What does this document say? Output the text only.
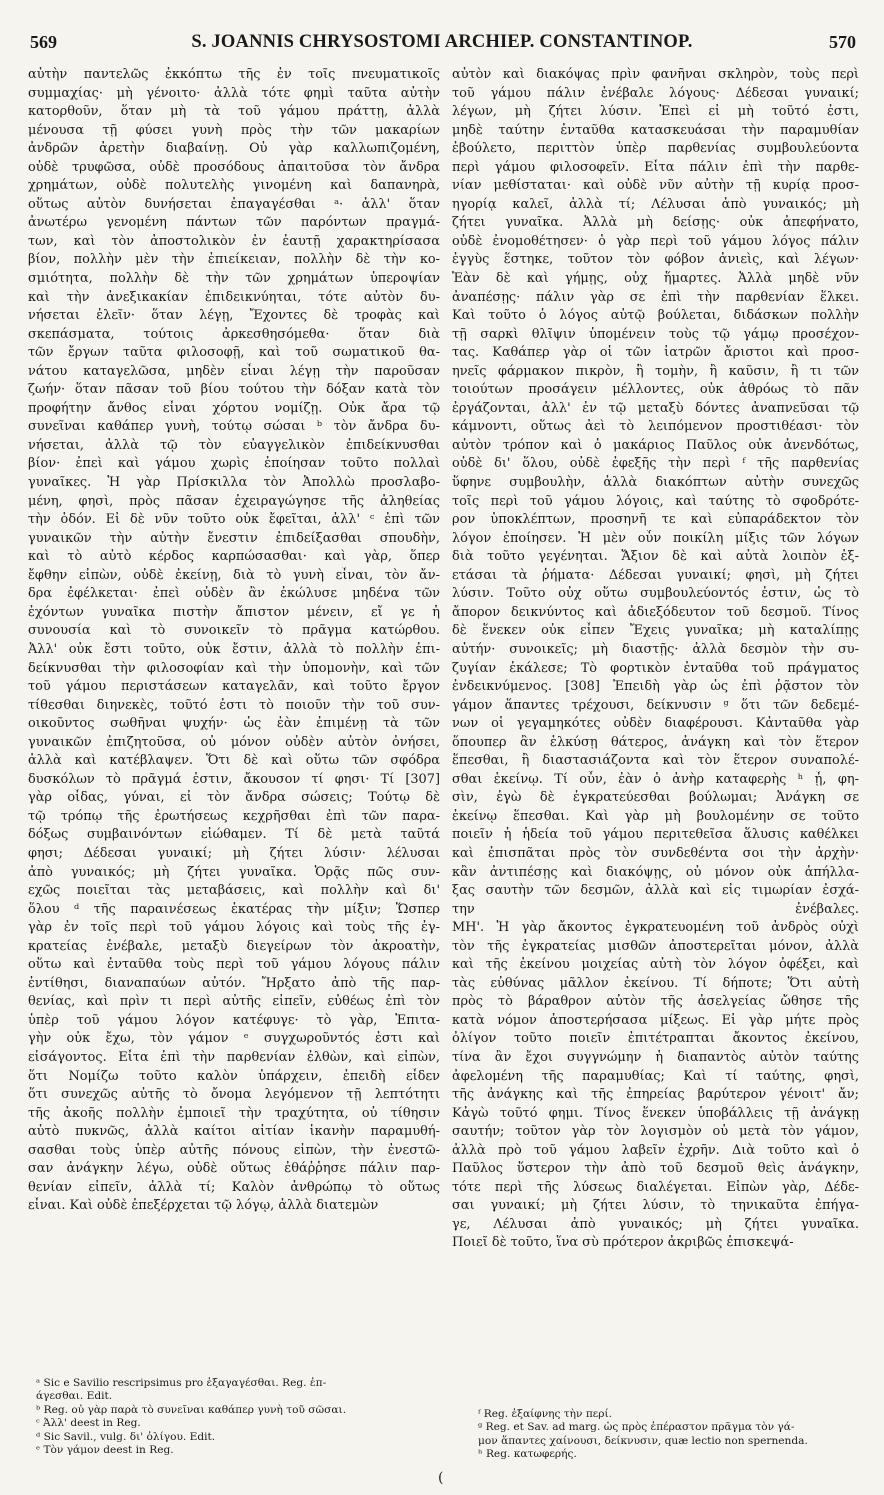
569	S. JOANNIS CHRYSOSTOMI ARCHIEP. CONSTANTINOP.	570
αὐτὴν παντελῶς ἐκκόπτω τῆς ἐν τοῖς πνευματικοῖς
συμμαχίας· μὴ γένοιτο· ἀλλὰ τότε φημὶ ταῦτα αὐτὴν
κατορθοῦν, ὅταν μὴ τὰ τοῦ γάμου πράττῃ, ἀλλὰ
μένουσα τῇ φύσει γυνὴ πρὸς τὴν τῶν μακαρίων
ἀνδρῶν ἀρετὴν διαβαίνῃ. Οὐ γὰρ καλλωπιζομένη,
οὐδὲ τρυφῶσα, οὐδὲ προσόδους ἀπαιτοῦσα τὸν ἄνδρα
χρημάτων, οὐδὲ πολυτελὴς γινομένη καὶ δαπανηρὰ,
οὕτως αὐτὸν δυνήσεται ἐπαγαγέσθαι ᵃ· ἀλλ' ὅταν
ἀνωτέρω γενομένη πάντων τῶν παρόντων πραγμά-
των, καὶ τὸν ἀποστολικὸν ἐν ἑαυτῇ χαρακτηρίσασα
βίον, πολλὴν μὲν τὴν ἐπιείκειαν, πολλὴν δὲ τὴν κο-
σμιότητα, πολλὴν δὲ τὴν τῶν χρημάτων ὑπεροψίαν
καὶ τὴν ἀνεξικακίαν ἐπιδεικνύηται, τότε αὐτὸν δυ-
νήσεται ἑλεῖν· ὅταν λέγῃ, Ἔχοντες δὲ τροφὰς καὶ
σκεπάσματα, τούτοις ἀρκεσθησόμεθα· ὅταν διὰ
τῶν ἔργων ταῦτα φιλοσοφῇ, καὶ τοῦ σωματικοῦ θα-
νάτου καταγελῶσα, μηδὲν εἶναι λέγῃ τὴν παροῦσαν
ζωήν· ὅταν πᾶσαν τοῦ βίου τούτου τὴν δόξαν κατὰ τὸν
προφήτην ἄνθος εἶναι χόρτου νομίζῃ. Οὐκ ἄρα τῷ
συνεῖναι καθάπερ γυνὴ, τούτῳ σώσαι ᵇ τὸν ἄνδρα δυ-
νήσεται, ἀλλὰ τῷ τὸν εὐαγγελικὸν ἐπιδείκνυσθαι
βίον· ἐπεὶ καὶ γάμου χωρὶς ἐποίησαν τοῦτο πολλαὶ
γυναῖκες. Ἡ γὰρ Πρίσκιλλα τὸν Ἀπολλὼ προσλαβο-
μένη, φησὶ, πρὸς πᾶσαν ἐχειραγώγησε τῆς ἀληθείας
τὴν ὁδόν. Εἰ δὲ νῦν τοῦτο οὐκ ἔφεῖται, ἀλλ' ᶜ ἐπὶ τῶν
γυναικῶν τὴν αὐτὴν ἔνεστιν ἐπιδείξασθαι σπουδὴν,
καὶ τὸ αὐτὸ κέρδος καρπώσασθαι· καὶ γὰρ, ὅπερ
ἔφθην εἰπὼν, οὐδὲ ἐκείνῃ, διὰ τὸ γυνὴ εἶναι, τὸν ἄν-
δρα ἐφέλκεται· ἐπεὶ οὐδὲν ἂν ἐκώλυσε μηδένα τῶν
ἐχόντων γυναῖκα πιστὴν ἄπιστον μένειν, εἴ γε ἡ
συνουσία καὶ τὸ συνοικεῖν τὸ πρᾶγμα κατώρθου.
Ἀλλ' οὐκ ἔστι τοῦτο, οὐκ ἔστιν, ἀλλὰ τὸ πολλὴν ἐπι-
δείκνυσθαι τὴν φιλοσοφίαν καὶ τὴν ὑπομονὴν, καὶ τῶν
τοῦ γάμου περιστάσεων καταγελᾶν, καὶ τοῦτο ἔργον
τίθεσθαι διηνεκὲς, τοῦτό ἐστι τὸ ποιοῦν τὴν τοῦ συν-
οικοῦντος σωθῆναι ψυχήν· ὡς ἐὰν ἐπιμένῃ τὰ τῶν
γυναικῶν ἐπιζητοῦσα, οὐ μόνον οὐδὲν αὐτὸν ὀνήσει,
ἀλλὰ καὶ κατέβλαψεν. Ὅτι δὲ καὶ οὕτω τῶν σφόδρα
δυσκόλων τὸ πρᾶγμά ἐστιν, ἄκουσον τί φησι· Τί [307]
γὰρ οἶδας, γύναι, εἰ τὸν ἄνδρα σώσεις; Τούτῳ δὲ
τῷ τρόπῳ τῆς ἐρωτήσεως κεχρῆσθαι ἐπὶ τῶν παρα-
δόξως συμβαινόντων εἰώθαμεν. Τί δὲ μετὰ ταῦτά
φησι; Δέδεσαι γυναικί; μὴ ζήτει λύσιν· λέλυσαι
ἀπὸ γυναικός; μὴ ζήτει γυναῖκα. Ὁρᾷς πῶς συν-
εχῶς ποιεῖται τὰς μεταβάσεις, καὶ πολλὴν καὶ δι'
ὅλου ᵈ τῆς παραινέσεως ἑκατέρας τὴν μίξιν; Ὥσπερ
γὰρ ἐν τοῖς περὶ τοῦ γάμου λόγοις καὶ τοὺς τῆς ἐγ-
κρατείας ἐνέβαλε, μεταξὺ διεγείρων τὸν ἀκροατὴν,
οὕτω καὶ ἐνταῦθα τοὺς περὶ τοῦ γάμου λόγους πάλιν
ἐντίθησι, διαναπαύων αὐτόν. Ἤρξατο ἀπὸ τῆς παρ-
θενίας, καὶ πρὶν τι περὶ αὐτῆς εἰπεῖν, εὐθέως ἐπὶ τὸν
ὑπὲρ τοῦ γάμου λόγον κατέφυγε· τὸ γὰρ, Ἐπιτα-
γὴν οὐκ ἔχω, τὸν γάμον ᵉ συγχωροῦντός ἐστι καὶ
εἰσάγοντος. Εἶτα ἐπὶ τὴν παρθενίαν ἐλθὼν, καὶ εἰπὼν,
ὅτι Νομίζω τοῦτο καλὸν ὑπάρχειν, ἐπειδὴ εἶδεν
ὅτι συνεχῶς αὐτῆς τὸ ὄνομα λεγόμενον τῇ λεπτότητι
τῆς ἀκοῆς πολλὴν ἐμποιεῖ τὴν τραχύτητα, οὐ τίθησιν
αὐτὸ πυκνῶς, ἀλλὰ καίτοι αἰτίαν ἱκανὴν παραμυθή-
σασθαι τοὺς ὑπὲρ αὐτῆς πόνους εἰπὼν, τὴν ἐνεστῶ-
σαν ἀνάγκην λέγω, οὐδὲ οὕτως ἐθάῤῥησε πάλιν παρ-
θενίαν εἰπεῖν, ἀλλὰ τί; Καλὸν ἀνθρώπῳ τὸ οὕτως
εἶναι. Καὶ οὐδὲ ἐπεξέρχεται τῷ λόγῳ, ἀλλὰ διατεμὼν
αὐτὸν καὶ διακόψας πρὶν φανῆναι σκληρὸν, τοὺς περὶ
τοῦ γάμου πάλιν ἐνέβαλε λόγους· Δέδεσαι γυναικί;
λέγων, μὴ ζήτει λύσιν. Ἐπεὶ εἰ μὴ τοῦτό ἐστι,
μηδὲ ταύτην ἐνταῦθα κατασκευάσαι τὴν παραμυθίαν
ἐβούλετο, περιττὸν ὑπὲρ παρθενίας συμβουλεύοντα
περὶ γάμου φιλοσοφεῖν. Εἶτα πάλιν ἐπὶ τὴν παρθε-
νίαν μεθίσταται· καὶ οὐδὲ νῦν αὐτὴν τῇ κυρίᾳ προσ-
ηγορίᾳ καλεῖ, ἀλλὰ τί; Λέλυσαι ἀπὸ γυναικός; μὴ
ζήτει γυναῖκα. Ἀλλὰ μὴ δείσῃς· οὐκ ἀπεφήνατο,
οὐδὲ ἐνομοθέτησεν· ὁ γὰρ περὶ τοῦ γάμου λόγος πάλιν
ἐγγὺς ἕστηκε, τοῦτον τὸν φόβον ἀνιεὶς, καὶ λέγων·
Ἐὰν δὲ καὶ γήμῃς, οὐχ ἥμαρτες. Ἀλλὰ μηδὲ νῦν
ἀναπέσῃς· πάλιν γὰρ σε ἐπὶ τὴν παρθενίαν ἕλκει.
Καὶ τοῦτο ὁ λόγος αὐτῷ βούλεται, διδάσκων πολλὴν
τῇ σαρκὶ θλῖψιν ὑπομένειν τοὺς τῷ γάμῳ προσέχον-
τας. Καθάπερ γὰρ οἱ τῶν ἰατρῶν ἄριστοι καὶ προσ-
ηνεῖς φάρμακον πικρὸν, ἢ τομὴν, ἢ καῦσιν, ἢ τι τῶν
τοιούτων προσάγειν μέλλοντες, οὐκ ἀθρόως τὸ πᾶν
ἐργάζονται, ἀλλ' ἐν τῷ μεταξὺ δόντες ἀναπνεῦσαι τῷ
κάμνοντι, οὕτως ἀεὶ τὸ λειπόμενον προστιθέασι· τὸν
αὐτὸν τρόπον καὶ ὁ μακάριος Παῦλος οὐκ ἀνενδότως,
οὐδὲ δι' ὅλου, οὐδὲ ἐφεξῆς τὴν περὶ ᶠ τῆς παρθενίας
ὕφηνε συμβουλὴν, ἀλλὰ διακόπτων αὐτὴν συνεχῶς
τοῖς περὶ τοῦ γάμου λόγοις, καὶ ταύτης τὸ σφοδρότε-
ρον ὑποκλέπτων, προσηνῆ τε καὶ εὐπαράδεκτον τὸν
λόγον ἐποίησεν. Ἡ μὲν οὖν ποικίλη μίξις τῶν λόγων
διὰ τοῦτο γεγένηται. Ἄξιον δὲ καὶ αὐτὰ λοιπὸν ἐξ-
ετάσαι τὰ ῥήματα· Δέδεσαι γυναικί; φησὶ, μὴ ζήτει
λύσιν. Τοῦτο οὐχ οὕτω συμβουλεύοντός ἐστιν, ὡς τὸ
ἄπορον δεικνύντος καὶ ἀδιεξόδευτον τοῦ δεσμοῦ. Τίνος
δὲ ἕνεκεν οὐκ εἶπεν Ἔχεις γυναῖκα; μὴ καταλίπῃς
αὐτήν· συνοικεῖς; μὴ διαστῇς· ἀλλὰ δεσμὸν τὴν συ-
ζυγίαν ἐκάλεσε; Τὸ φορτικὸν ἐνταῦθα τοῦ πράγματος
ἐνδεικνύμενος. [308] Ἐπειδὴ γὰρ ὡς ἐπὶ ῥᾷστον τὸν
γάμον ἅπαντες τρέχουσι, δείκνυσιν ᵍ ὅτι τῶν δεδεμέ-
νων οἱ γεγαμηκότες οὐδὲν διαφέρουσι. Κἀνταῦθα γὰρ
ὅπουπερ ἂν ἑλκύσῃ θάτερος, ἀνάγκη καὶ τὸν ἕτερον
ἕπεσθαι, ἢ διαστασιάζοντα καὶ τὸν ἕτερον συναπολέ-
σθαι ἐκείνῳ. Τί οὖν, ἐὰν ὁ ἀνὴρ καταφερὴς ʰ ᾖ, φη-
σὶν, ἐγὼ δὲ ἐγκρατεύεσθαι βούλωμαι; Ἀνάγκη σε
ἐκείνῳ ἕπεσθαι. Καὶ γὰρ μὴ βουλομένην σε τοῦτο
ποιεῖν ἡ ἡδεία τοῦ γάμου περιτεθεῖσα ἅλυσις καθέλκει
καὶ ἐπισπᾶται πρὸς τὸν συνδεθέντα σοι τὴν ἀρχὴν·
κἂν ἀντιπέσῃς καὶ διακόψῃς, οὐ μόνον οὐκ ἀπήλλα-
ξας σαυτὴν τῶν δεσμῶν, ἀλλὰ καὶ εἰς τιμωρίαν ἐσχά-
την ἐνέβαλες.
ΜΗ'. Ἡ γὰρ ἄκοντος ἐγκρατευομένη τοῦ ἀνδρὸς οὐχὶ
τὸν τῆς ἐγκρατείας μισθῶν ἀποστερεῖται μόνον, ἀλλὰ
καὶ τῆς ἐκείνου μοιχείας αὐτὴ τὸν λόγον ὀφέξει, καὶ
τὰς εὐθύνας μᾶλλον ἐκείνου. Τί δήποτε; Ὅτι αὐτὴ
πρὸς τὸ βάραθρον αὐτὸν τῆς ἀσελγείας ὤθησε τῆς
κατὰ νόμον ἀποστερήσασα μίξεως. Εἰ γὰρ μήτε πρὸς
ὀλίγον τοῦτο ποιεῖν ἐπιτέτραπται ἄκοντος ἐκείνου,
τίνα ἂν ἔχοι συγγνώμην ἡ διαπαντὸς αὐτὸν ταύτης
ἀφελομένη τῆς παραμυθίας; Καὶ τί ταύτης, φησὶ,
τῆς ἀνάγκης καὶ τῆς ἐπηρείας βαρύτερον γένοιτ' ἄν;
Κἀγὼ τοῦτό φημι. Τίνος ἕνεκεν ὑποβάλλεις τῇ ἀνάγκῃ
σαυτήν; τοῦτον γὰρ τὸν λογισμὸν οὐ μετὰ τὸν γάμον,
ἀλλὰ πρὸ τοῦ γάμου λαβεῖν ἐχρῆν. Διὰ τοῦτο καὶ ὁ
Παῦλος ὕστερον τὴν ἀπὸ τοῦ δεσμοῦ θεὶς ἀνάγκην,
τότε περὶ τῆς λύσεως διαλέγεται. Εἰπὼν γὰρ, Δέδε-
σαι γυναικί; μὴ ζήτει λύσιν, τὸ τηνικαῦτα ἐπήγα-
γε, Λέλυσαι ἀπὸ γυναικός; μὴ ζήτει γυναῖκα.
Ποιεῖ δὲ τοῦτο, ἵνα σὺ πρότερον ἀκριβῶς ἐπισκεψά-
ᵃ Sic e Savilio rescripsimus pro ἐξαγαγέσθαι. Reg. ἐπ-
άγεσθαι. Edit.
ᵇ Reg. οὐ γὰρ παρὰ τὸ συνεῖναι καθάπερ γυνὴ τοῦ σῶσαι.
ᶜ Ἀλλ' deest in Reg.
ᵈ Sic Savil., vulg. δι' ὀλίγου. Edit.
ᵉ Τὸν γάμον deest in Reg.
ᶠ Reg. ἐξαίφνης τὴν περί.
ᵍ Reg. et Sav. ad marg. ὡς πρὸς ἐπέραστον πρᾶγμα τὸν γά-
μον ἅπαντες χαίνουσι, δείκνυσιν, quæ lectio non spernenda.
ʰ Reg. κατωφερής.
(
